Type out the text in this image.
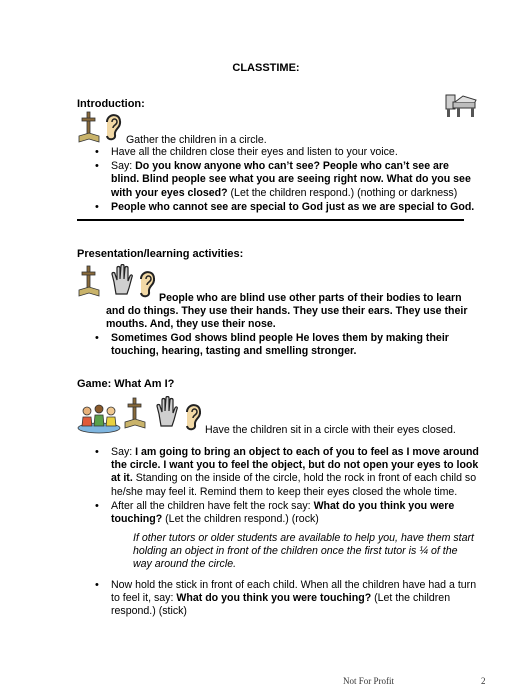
CLASSTIME:
Introduction:
Gather the children in a circle.
• Have all the children close their eyes and listen to your voice.
• Say: Do you know anyone who can’t see? People who can’t see are blind. Blind people see what you are seeing right now. What do you see with your eyes closed? (Let the children respond.) (nothing or darkness)
• People who cannot see are special to God just as we are special to God.
Presentation/learning activities:
People who are blind use other parts of their bodies to learn and do things. They use their hands. They use their ears. They use their mouths. And, they use their nose.
• Sometimes God shows blind people He loves them by making their touching, hearing, tasting and smelling stronger.
Game: What Am I?
Have the children sit in a circle with their eyes closed.
• Say: I am going to bring an object to each of you to feel as I move around the circle. I want you to feel the object, but do not open your eyes to look at it. Standing on the inside of the circle, hold the rock in front of each child so he/she may feel it. Remind them to keep their eyes closed the whole time.
• After all the children have felt the rock say: What do you think you were touching? (Let the children respond.) (rock)
If other tutors or older students are available to help you, have them start holding an object in front of the children once the first tutor is ¼ of the way around the circle.
• Now hold the stick in front of each child. When all the children have had a turn to feel it, say: What do you think you were touching? (Let the children respond.) (stick)
Not For Profit	2
